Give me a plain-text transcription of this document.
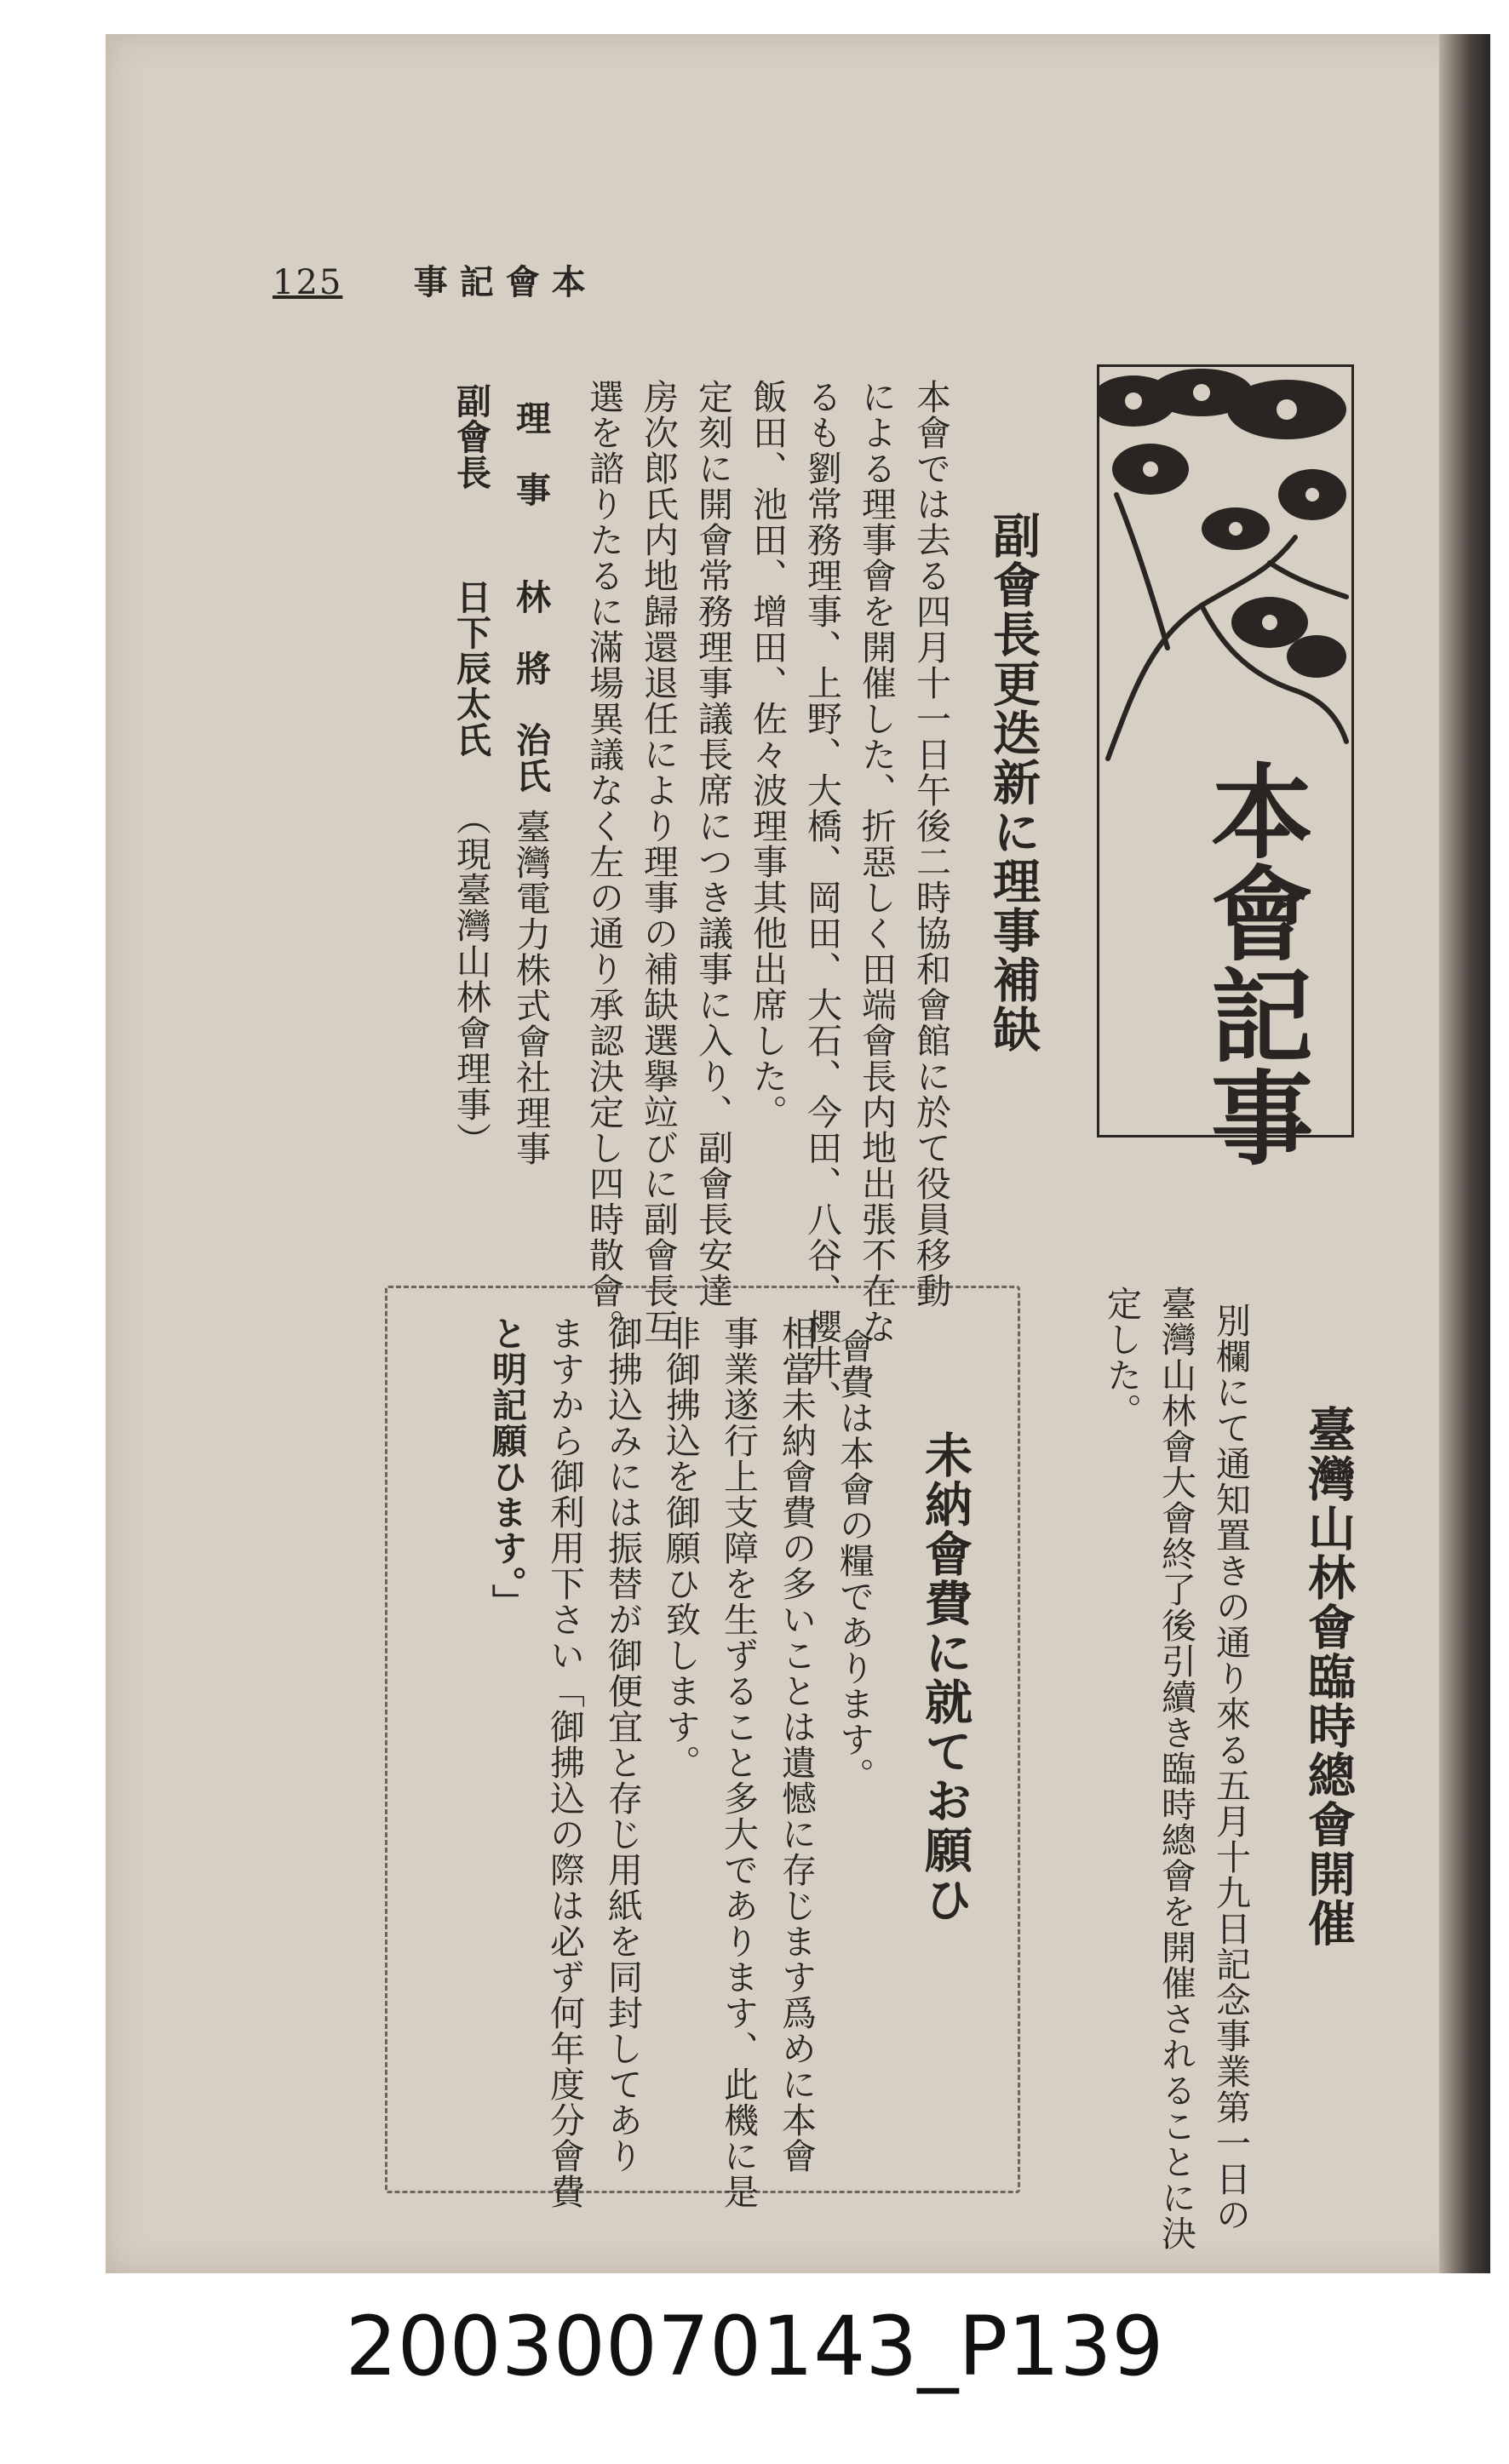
125 事記會本
本會記事
副會長更迭新に理事補缺
本會では去る四月十一日午後二時協和會館に於て役員移動
による理事會を開催した、折惡しく田端會長内地出張不在な
るも劉常務理事、上野、大橋、岡田、大石、今田、八谷、櫻井、
飯田、池田、增田、佐々波理事其他出席した。
定刻に開會常務理事議長席につき議事に入り、副會長安達
房次郎氏内地歸還退任により理事の補缺選擧竝びに副會長互
選を諮りたるに滿場異議なく左の通り承認決定し四時散會。
理　事
林　將　治氏
臺灣電力株式會社理事
副會長
日下辰太氏
（現臺灣山林會理事）
臺灣山林會臨時總會開催
別欄にて通知置きの通り來る五月十九日記念事業第一日の
臺灣山林會大會終了後引續き臨時總會を開催されることに決
定した。
未納會費に就てお願ひ
會費は本會の糧であります。
相當未納會費の多いことは遺憾に存じます爲めに本會
事業遂行上支障を生ずること多大であります、此機に是
非御拂込を御願ひ致します。
御拂込みには振替が御便宜と存じ用紙を同封してあり
ますから御利用下さい「御拂込の際は必ず何年度分會費
と明記願ひます。」
20030070143_P139
